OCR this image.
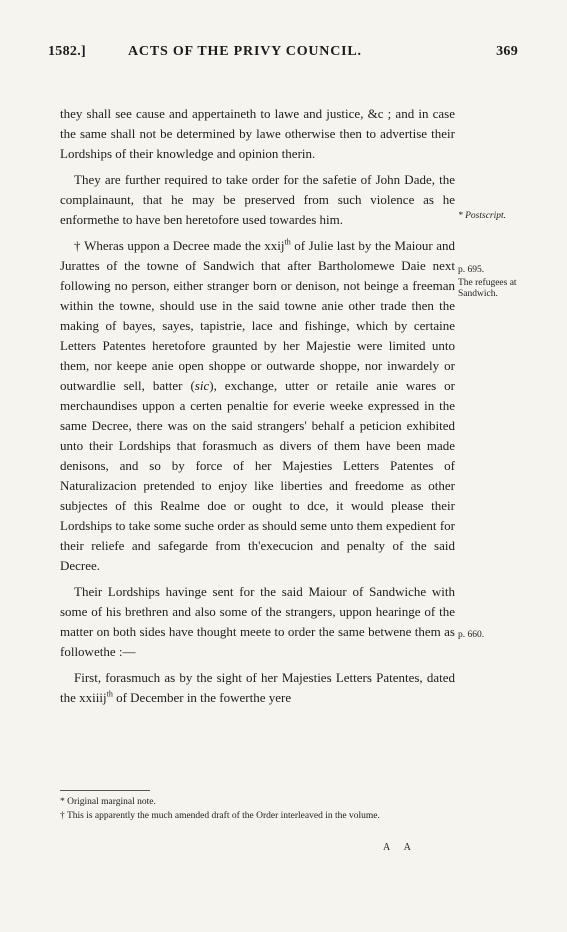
1582.]	ACTS OF THE PRIVY COUNCIL.	369

they shall see cause and appertaineth to lawe and justice, &c ; and in case the same shall not be determined by lawe otherwise then to advertise their Lordships of their knowledge and opinion therin.

They are further required to take order for the safetie of John Dade, the complainaunt, that he may be preserved from such violence as he enformethe to have ben heretofore used towardes him.

† Wheras uppon a Decree made the xxij$^{th}$ of Julie last by the Maiour and Jurattes of the towne of Sandwich that after Bartholomewe Daie next following no person, either stranger born or denison, not beinge a freeman within the towne, should use in the said towne anie other trade then the making of bayes, sayes, tapistrie, lace and fishinge, which by certaine Letters Patentes heretofore graunted by her Majestie were limited unto them, nor keepe anie open shoppe or outwarde shoppe, nor inwardely or outwardlie sell, batter (sic), exchange, utter or retaile anie wares or merchaundises uppon a certen penaltie for everie weeke expressed in the same Decree, there was on the said strangers' behalf a peticion exhibited unto their Lordships that forasmuch as divers of them have been made denisons, and so by force of her Majesties Letters Patentes of Naturalizacion pretended to enjoy like liberties and freedome as other subjectes of this Realme doe or ought to dce, it would please their Lordships to take some suche order as should seme unto them expedient for their reliefe and safegarde from th'execucion and penalty of the said Decree.

Their Lordships havinge sent for the said Maiour of Sandwiche with some of his brethren and also some of the strangers, uppon hearinge of the matter on both sides have thought meete to order the same betwene them as followethe :—

First, forasmuch as by the sight of her Majesties Letters Patentes, dated the xxiiij$^{th}$ of December in the fowerthe yere

* Postscript.
p. 695.
The refugees at Sandwich.
p. 660.
* Original marginal note.
† This is apparently the much amended draft of the Order interleaved in the volume.
A A
